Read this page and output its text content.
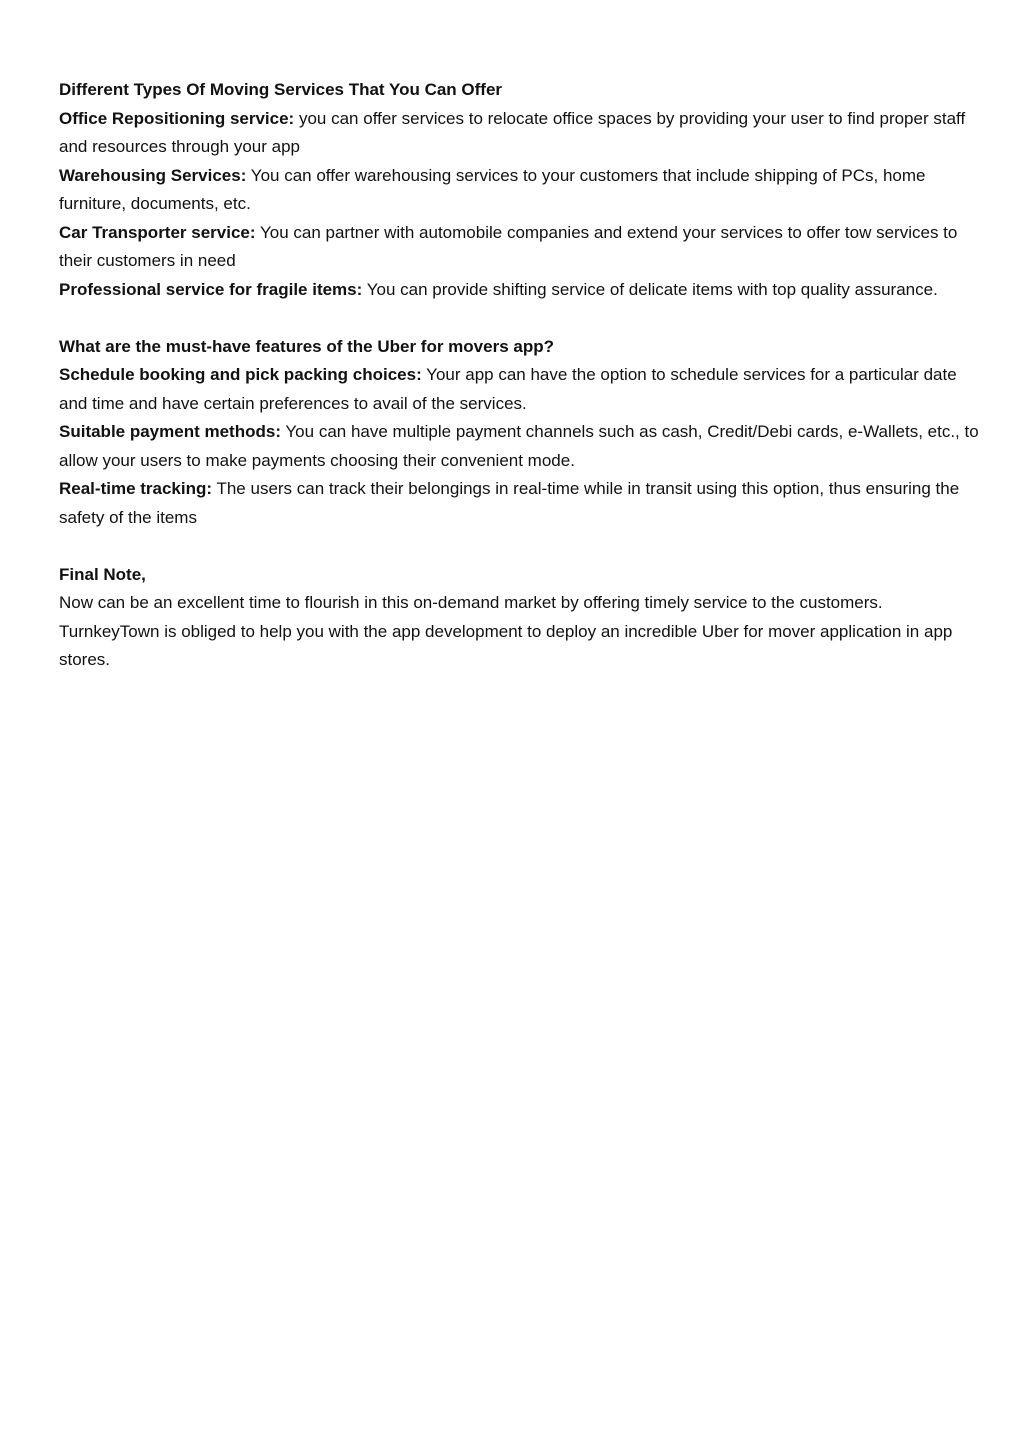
Different Types Of Moving Services That You Can Offer
Office Repositioning service: you can offer services to relocate office spaces by providing your user to find proper staff and resources through your app
Warehousing Services: You can offer warehousing services to your customers that include shipping of PCs, home furniture, documents, etc.
Car Transporter service: You can partner with automobile companies and extend your services to offer tow services to their customers in need
Professional service for fragile items: You can provide shifting service of delicate items with top quality assurance.
What are the must-have features of the Uber for movers app?
Schedule booking and pick packing choices: Your app can have the option to schedule services for a particular date and time and have certain preferences to avail of the services.
Suitable payment methods: You can have multiple payment channels such as cash, Credit/Debi cards, e-Wallets, etc., to allow your users to make payments choosing their convenient mode.
Real-time tracking: The users can track their belongings in real-time while in transit using this option, thus ensuring the safety of the items
Final Note,
Now can be an excellent time to flourish in this on-demand market by offering timely service to the customers. TurnkeyTown is obliged to help you with the app development to deploy an incredible Uber for mover application in app stores.
